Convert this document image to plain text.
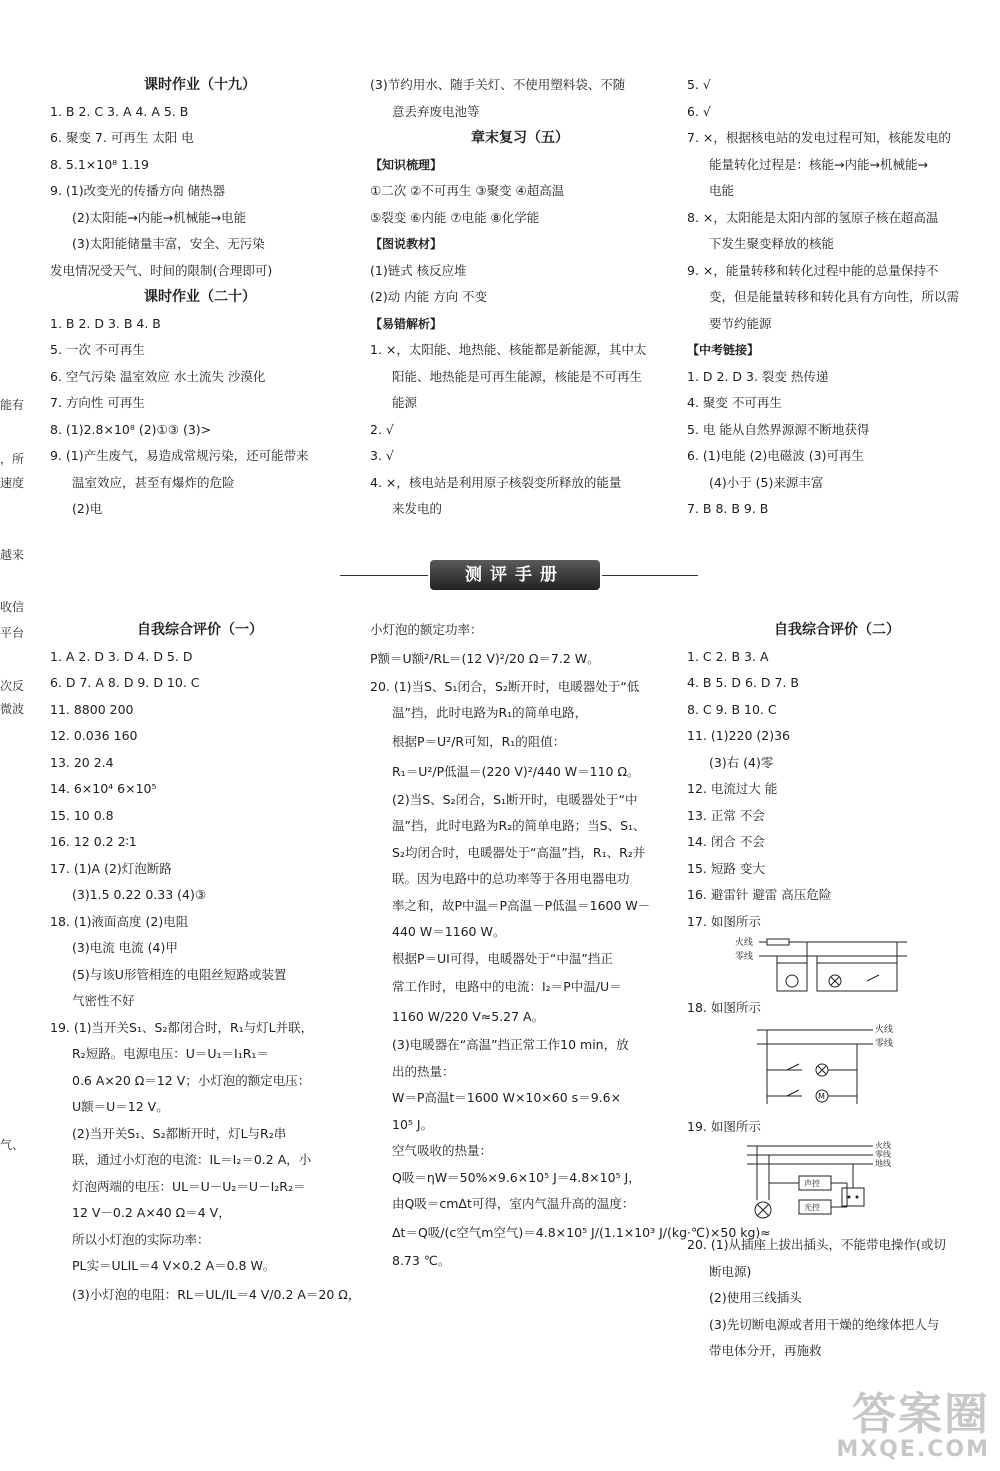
课时作业（十九）
1. B 2. C 3. A 4. A 5. B
6. 聚变 7. 可再生 太阳 电
8. 5.1×10⁸ 1.19
9. (1)改变光的传播方向 储热器
(2)太阳能→内能→机械能→电能
(3)太阳能储量丰富，安全、无污染
发电情况受天气、时间的限制(合理即可)
课时作业（二十）
1. B 2. D 3. B 4. B
5. 一次 不可再生
6. 空气污染 温室效应 水土流失 沙漠化
7. 方向性 可再生
8. (1)2.8×10⁸ (2)①③ (3)>
9. (1)产生废气，易造成常规污染，还可能带来
温室效应，甚至有爆炸的危险
(2)电
(3)节约用水、随手关灯、不使用塑料袋、不随
意丢弃废电池等
章末复习（五）
【知识梳理】
①二次 ②不可再生 ③聚变 ④超高温
⑤裂变 ⑥内能 ⑦电能 ⑧化学能
【图说教材】
(1)链式 核反应堆
(2)动 内能 方向 不变
【易错解析】
1. ×，太阳能、地热能、核能都是新能源，其中太
阳能、地热能是可再生能源，核能是不可再生
能源
2. √
3. √
4. ×，核电站是利用原子核裂变所释放的能量
来发电的
5. √
6. √
7. ×，根据核电站的发电过程可知，核能发电的
能量转化过程是：核能→内能→机械能→
电能
8. ×，太阳能是太阳内部的氢原子核在超高温
下发生聚变释放的核能
9. ×，能量转移和转化过程中能的总量保持不
变，但是能量转移和转化具有方向性，所以需
要节约能源
【中考链接】
1. D 2. D 3. 裂变 热传递
4. 聚变 不可再生
5. 电 能从自然界源源不断地获得
6. (1)电能 (2)电磁波 (3)可再生
(4)小于 (5)来源丰富
7. B 8. B 9. B
测评手册
自我综合评价（一）
1. A 2. D 3. D 4. D 5. D
6. D 7. A 8. D 9. D 10. C
11. 8800 200
12. 0.036 160
13. 20 2.4
14. 6×10⁴ 6×10⁵
15. 10 0.8
16. 12 0.2 2∶1
17. (1)A (2)灯泡断路
(3)1.5 0.22 0.33 (4)③
18. (1)液面高度 (2)电阻
(3)电流 电流 (4)甲
(5)与该U形管相连的电阻丝短路或装置
气密性不好
19. (1)当开关S₁、S₂都闭合时，R₁与灯L并联，
R₂短路。电源电压：U＝U₁＝I₁R₁＝
0.6 A×20 Ω＝12 V；小灯泡的额定电压：
U额＝U＝12 V。
(2)当开关S₁、S₂都断开时，灯L与R₂串
联，通过小灯泡的电流：IL＝I₂＝0.2 A，小
灯泡两端的电压：UL＝U－U₂＝U－I₂R₂＝
12 V－0.2 A×40 Ω＝4 V，
所以小灯泡的实际功率：
PL实＝ULIL＝4 V×0.2 A＝0.8 W。
(3)小灯泡的电阻：RL＝UL/IL＝4 V/0.2 A＝20 Ω，
小灯泡的额定功率：
P额＝U额²/RL＝(12 V)²/20 Ω＝7.2 W。
20. (1)当S、S₁闭合，S₂断开时，电暖器处于“低
温”挡，此时电路为R₁的简单电路，
根据P＝U²/R可知，R₁的阻值：
R₁＝U²/P低温＝(220 V)²/440 W＝110 Ω。
(2)当S、S₂闭合，S₁断开时，电暖器处于“中
温”挡，此时电路为R₂的简单电路；当S、S₁、
S₂均闭合时，电暖器处于“高温”挡，R₁、R₂并
联。因为电路中的总功率等于各用电器电功
率之和，故P中温＝P高温－P低温＝1600 W－
440 W＝1160 W。
根据P＝UI可得，电暖器处于“中温”挡正
常工作时，电路中的电流：I₂＝P中温/U＝
1160 W/220 V≈5.27 A。
(3)电暖器在“高温”挡正常工作10 min，放
出的热量：
W＝P高温t＝1600 W×10×60 s＝9.6×
10⁵ J。
空气吸收的热量：
Q吸＝ηW＝50%×9.6×10⁵ J＝4.8×10⁵ J，
由Q吸＝cmΔt可得，室内气温升高的温度：
Δt＝Q吸/(c空气m空气)＝4.8×10⁵ J/(1.1×10³ J/(kg·℃)×50 kg)≈
8.73 ℃。
自我综合评价（二）
1. C 2. B 3. A
4. B 5. D 6. D 7. B
8. C 9. B 10. C
11. (1)220 (2)36
(3)右 (4)零
12. 电流过大 能
13. 正常 不会
14. 闭合 不会
15. 短路 变大
16. 避雷针 避雷 高压危险
17. 如图所示
火线
零线
18. 如图所示
火线
零线
M
19. 如图所示
火线
零线
地线
声控
光控
20. (1)从插座上拔出插头，不能带电操作(或切
断电源)
(2)使用三线插头
(3)先切断电源或者用干燥的绝缘体把人与
带电体分开，再施救
能有
，所
速度
越来
收信
平台
次反
微波
气、
答案圈
MXQE.COM
